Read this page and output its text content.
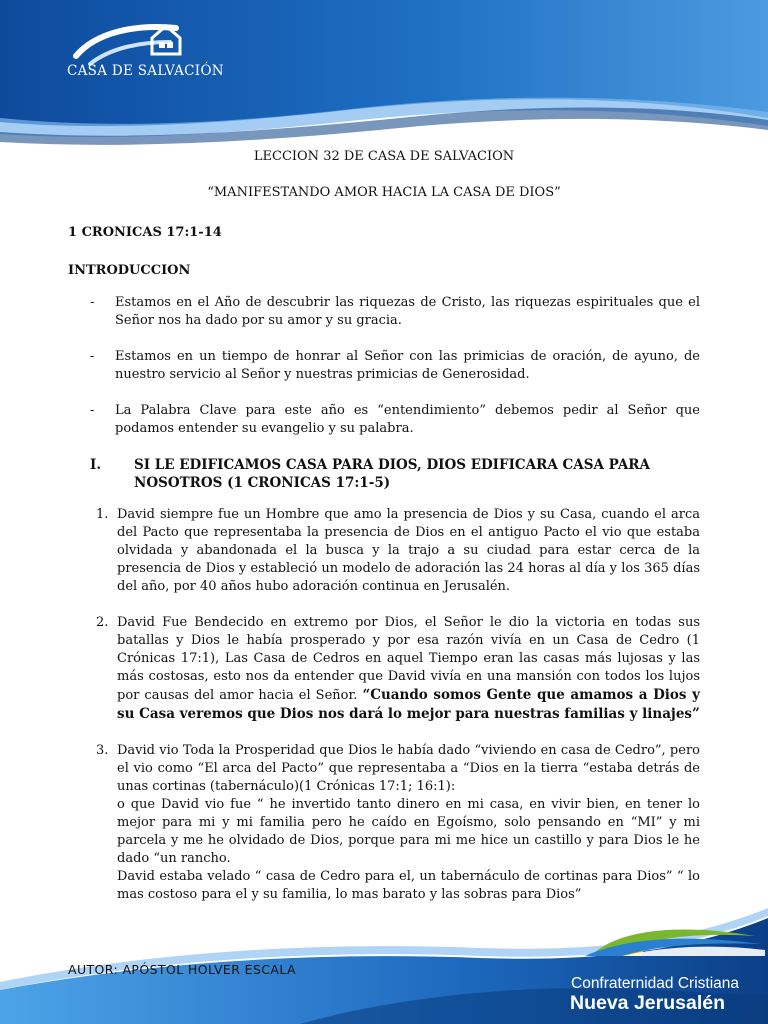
CASA DE SALVACIÓN

LECCION 32 DE CASA DE SALVACION

“MANIFESTANDO AMOR HACIA LA CASA DE DIOS”

1 CRONICAS 17:1-14

INTRODUCCION

- Estamos en el Año de descubrir las riquezas de Cristo, las riquezas espirituales que el Señor nos ha dado por su amor y su gracia.
- Estamos en un tiempo de honrar al Señor con las primicias de oración, de ayuno, de nuestro servicio al Señor y nuestras primicias de Generosidad.
- La Palabra Clave para este año es “entendimiento” debemos pedir al Señor que podamos entender su evangelio y su palabra.
I. SI LE EDIFICAMOS CASA PARA DIOS, DIOS EDIFICARA CASA PARA NOSOTROS (1 CRONICAS 17:1-5)
1. David siempre fue un Hombre que amo la presencia de Dios y su Casa, cuando el arca del Pacto que representaba la presencia de Dios en el antiguo Pacto el vio que estaba olvidada y abandonada el la busca y la trajo a su ciudad para estar cerca de la presencia de Dios y estableció un modelo de adoración las 24 horas al día y los 365 días del año, por 40 años hubo adoración continua en Jerusalén.
2. David Fue Bendecido en extremo por Dios, el Señor le dio la victoria en todas sus batallas y Dios le había prosperado y por esa razón vivía en un Casa de Cedro (1 Crónicas 17:1), Las Casa de Cedros en aquel Tiempo eran las casas más lujosas y las más costosas, esto nos da entender que David vivía en una mansión con todos los lujos por causas del amor hacia el Señor. “Cuando somos Gente que amamos a Dios y su Casa veremos que Dios nos dará lo mejor para nuestras familias y linajes”
3. David vio Toda la Prosperidad que Dios le había dado “viviendo en casa de Cedro”, pero el vio como “El arca del Pacto” que representaba a “Dios en la tierra “estaba detrás de unas cortinas (tabernáculo)(1 Crónicas 17:1; 16:1):
o que David vio fue “ he invertido tanto dinero en mi casa, en vivir bien, en tener lo mejor para mi y mi familia pero he caído en Egoísmo, solo pensando en “MI” y mi parcela y me he olvidado de Dios, porque para mi me hice un castillo y para Dios le he dado “un rancho.
David estaba velado “ casa de Cedro para el, un tabernáculo de cortinas para Dios” “ lo mas costoso para el y su familia, lo mas barato y las sobras para Dios”
AUTOR: APÓSTOL HOLVER ESCALA
Confraternidad Cristiana
Nueva Jerusalén
